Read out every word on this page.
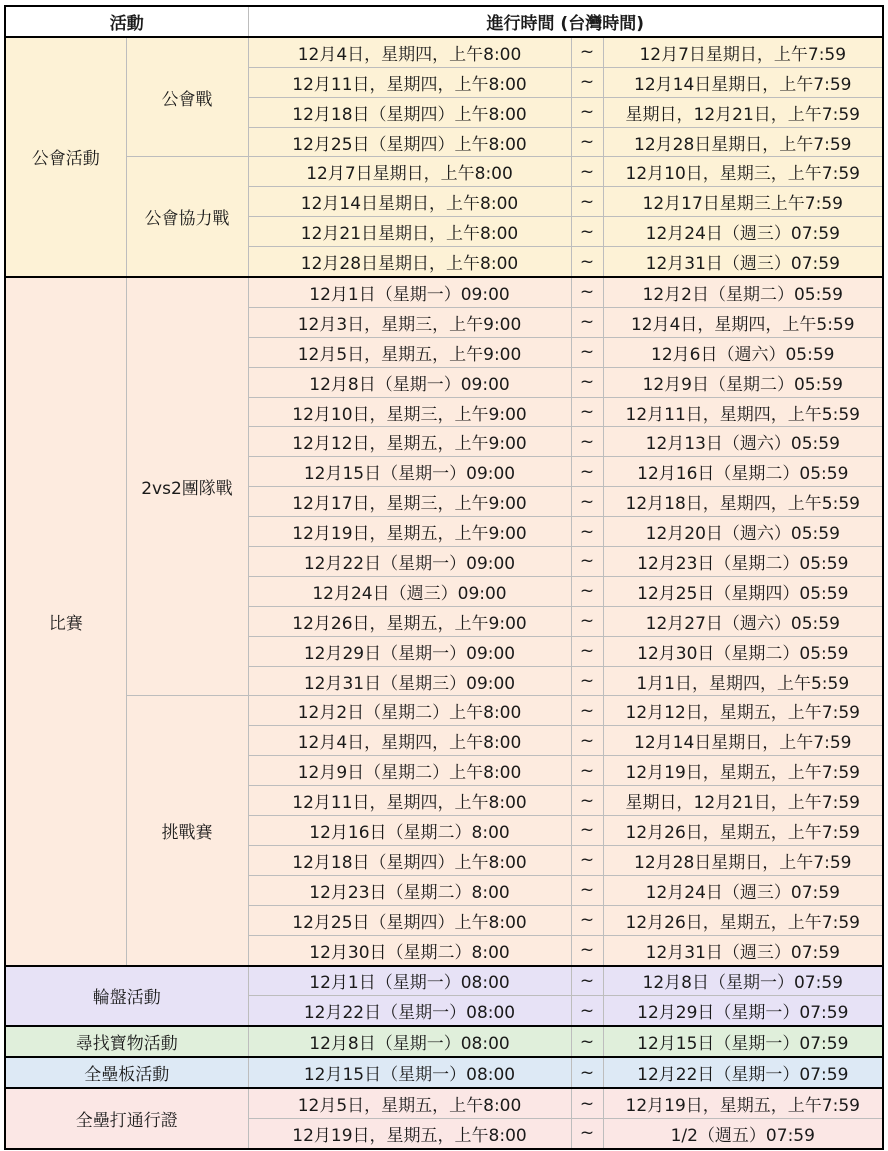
活動		進行時間 (台灣時間)		
公會活動	公會戰	12月4日，星期四，上午8:00	~	12月7日星期日，上午7:59
		12月11日，星期四，上午8:00	~	12月14日星期日，上午7:59
		12月18日（星期四）上午8:00	~	星期日，12月21日，上午7:59
		12月25日（星期四）上午8:00	~	12月28日星期日，上午7:59
	公會協力戰	12月7日星期日，上午8:00	~	12月10日，星期三，上午7:59
		12月14日星期日，上午8:00	~	12月17日星期三上午7:59
		12月21日星期日，上午8:00	~	12月24日（週三）07:59
		12月28日星期日，上午8:00	~	12月31日（週三）07:59
比賽	2vs2團隊戰	12月1日（星期一）09:00	~	12月2日（星期二）05:59
		12月3日，星期三，上午9:00	~	12月4日，星期四，上午5:59
		12月5日，星期五，上午9:00	~	12月6日（週六）05:59
		12月8日（星期一）09:00	~	12月9日（星期二）05:59
		12月10日，星期三，上午9:00	~	12月11日，星期四，上午5:59
		12月12日，星期五，上午9:00	~	12月13日（週六）05:59
		12月15日（星期一）09:00	~	12月16日（星期二）05:59
		12月17日，星期三，上午9:00	~	12月18日，星期四，上午5:59
		12月19日，星期五，上午9:00	~	12月20日（週六）05:59
		12月22日（星期一）09:00	~	12月23日（星期二）05:59
		12月24日（週三）09:00	~	12月25日（星期四）05:59
		12月26日，星期五，上午9:00	~	12月27日（週六）05:59
		12月29日（星期一）09:00	~	12月30日（星期二）05:59
		12月31日（星期三）09:00	~	1月1日，星期四，上午5:59
	挑戰賽	12月2日（星期二）上午8:00	~	12月12日，星期五，上午7:59
		12月4日，星期四，上午8:00	~	12月14日星期日，上午7:59
		12月9日（星期二）上午8:00	~	12月19日，星期五，上午7:59
		12月11日，星期四，上午8:00	~	星期日，12月21日，上午7:59
		12月16日（星期二）8:00	~	12月26日，星期五，上午7:59
		12月18日（星期四）上午8:00	~	12月28日星期日，上午7:59
		12月23日（星期二）8:00	~	12月24日（週三）07:59
		12月25日（星期四）上午8:00	~	12月26日，星期五，上午7:59
		12月30日（星期二）8:00	~	12月31日（週三）07:59
輪盤活動		12月1日（星期一）08:00	~	12月8日（星期一）07:59
		12月22日（星期一）08:00	~	12月29日（星期一）07:59
尋找寶物活動		12月8日（星期一）08:00	~	12月15日（星期一）07:59
全壘板活動		12月15日（星期一）08:00	~	12月22日（星期一）07:59
全壘打通行證		12月5日，星期五，上午8:00	~	12月19日，星期五，上午7:59
		12月19日，星期五，上午8:00	~	1/2（週五）07:59
